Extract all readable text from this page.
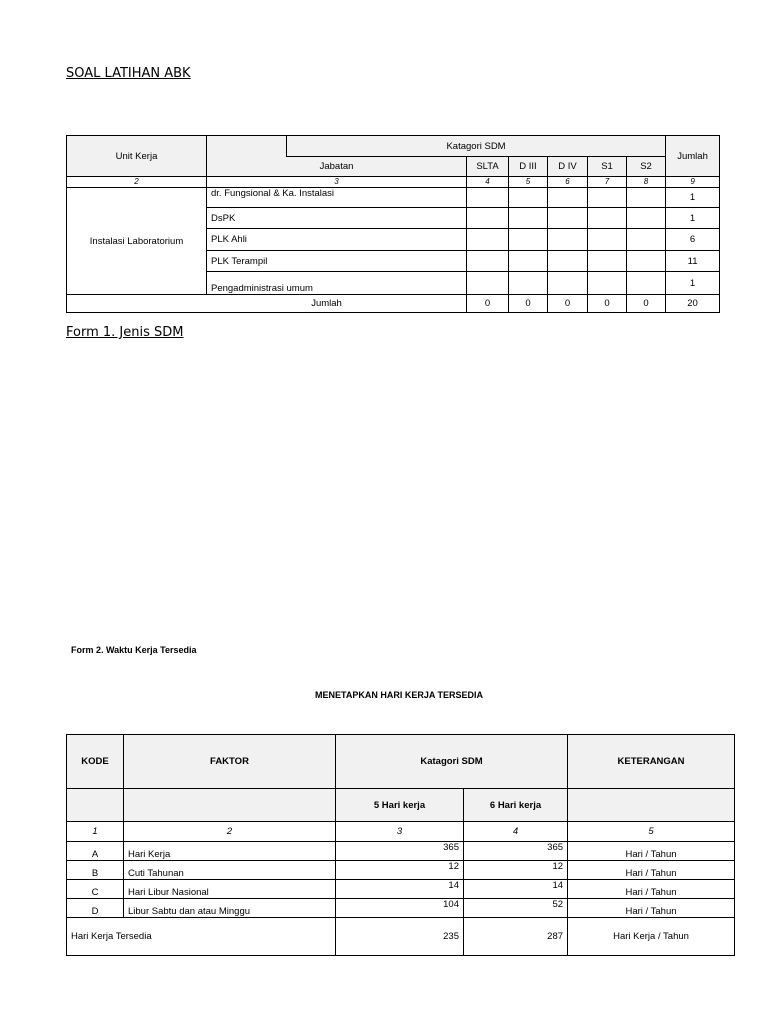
SOAL LATIHAN ABK
Unit Kerja		Katagori SDM						Jumlah
	Jabatan		SLTA	D III	D IV	S1	S2	
2	3		4	5	6	7	8	9
Instalasi Laboratorium	dr. Fungsional & Ka. Instalasi							1
	DsPK							1
	PLK Ahli							6
	PLK Terampil							11
	Pengadministrasi umum							1
Jumlah			0	0	0	0	0	20
Form 1. Jenis SDM
Form 2. Waktu Kerja Tersedia
MENETAPKAN HARI KERJA TERSEDIA
KODE	FAKTOR	Katagori SDM		KETERANGAN
		5 Hari kerja	6 Hari kerja	
1	2	3	4	5
A	Hari Kerja	365	365	Hari / Tahun
B	Cuti Tahunan	12	12	Hari / Tahun
C	Hari Libur Nasional	14	14	Hari / Tahun
D	Libur Sabtu dan atau Minggu	104	52	Hari / Tahun
Hari Kerja Tersedia		235	287	Hari Kerja / Tahun
